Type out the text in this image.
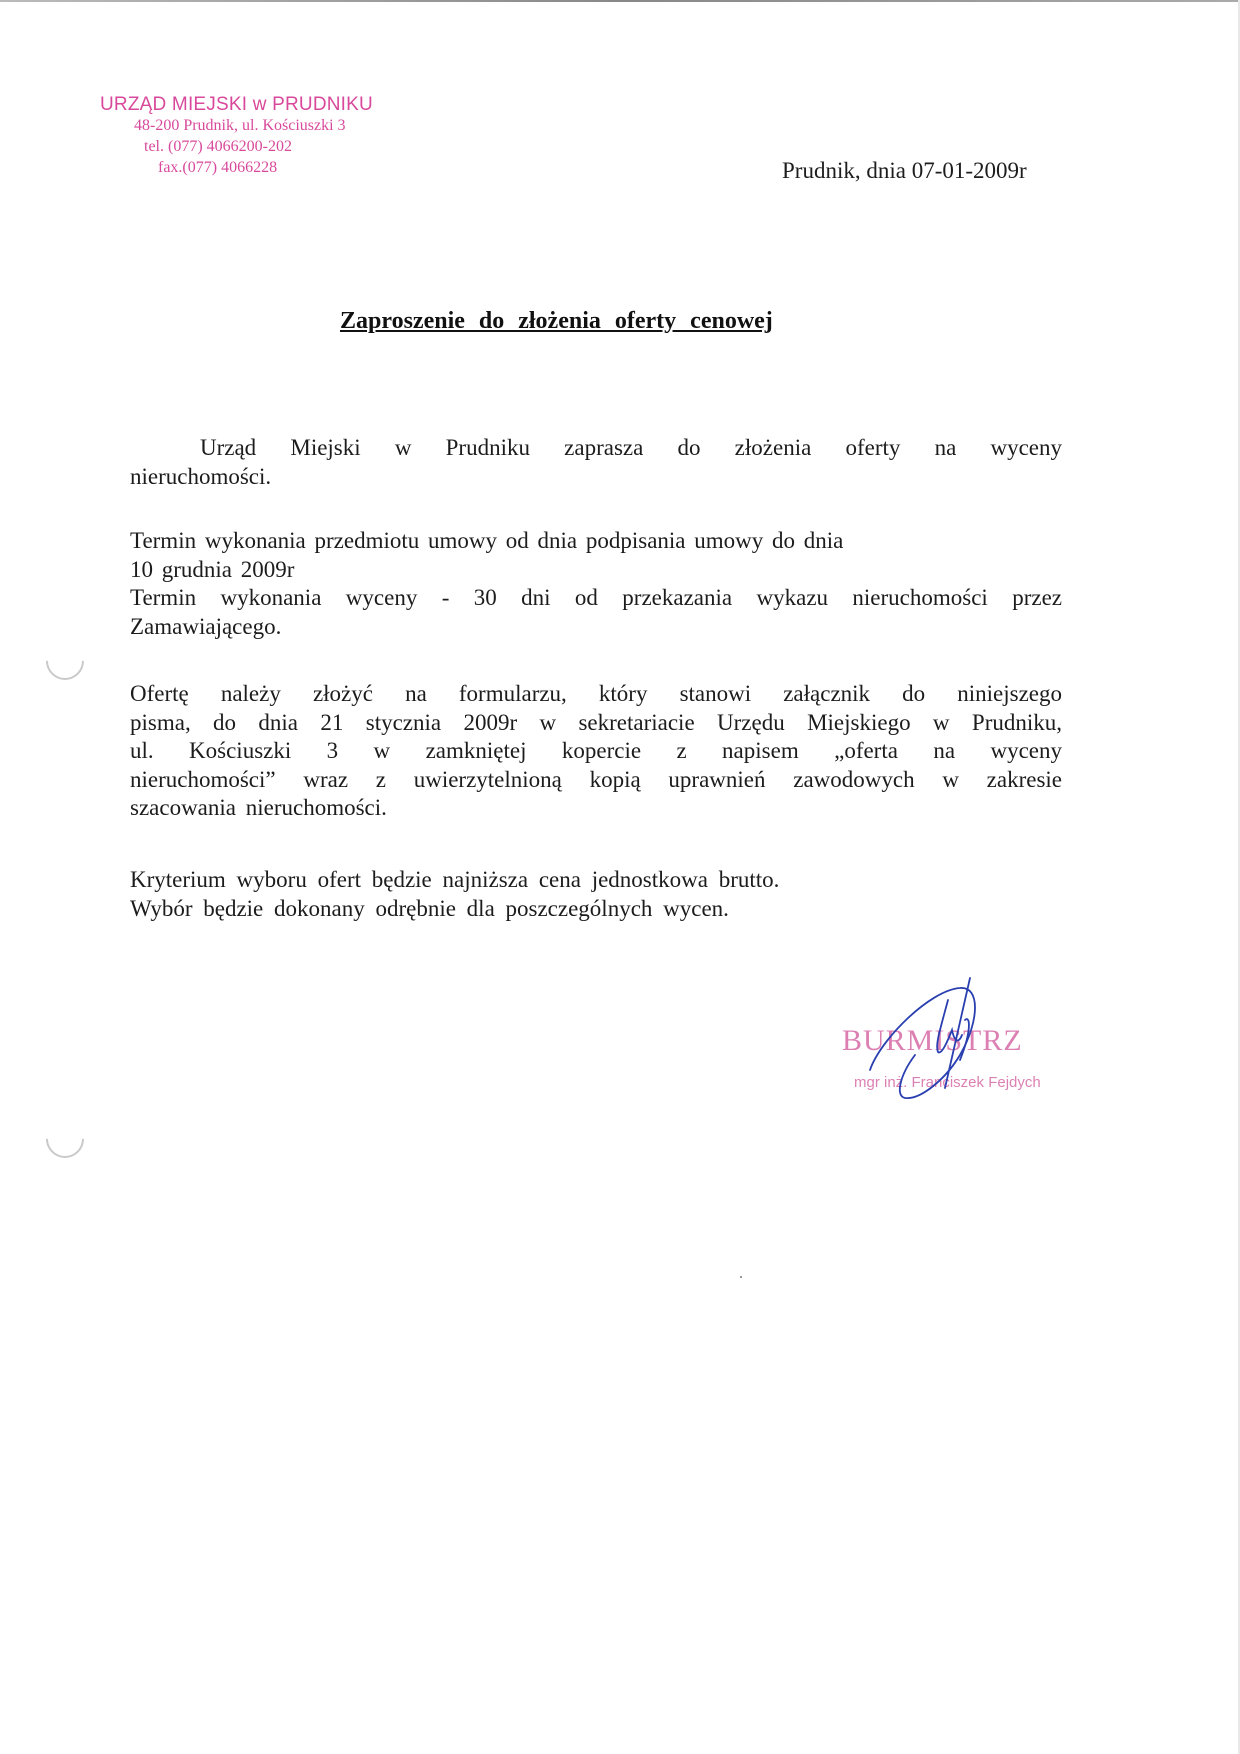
URZĄD MIEJSKI w PRUDNIKU
48-200 Prudnik, ul. Kościuszki 3
tel. (077) 4066200-202
fax.(077) 4066228	Prudnik, dnia 07-01-2009r
Zaproszenie do złożenia oferty cenowej
Urząd Miejski w Prudniku zaprasza do złożenia oferty na wyceny
nieruchomości.
Termin wykonania przedmiotu umowy od dnia podpisania umowy do dnia
10 grudnia 2009r
Termin wykonania wyceny - 30 dni od przekazania wykazu nieruchomości przez
Zamawiającego.
Ofertę należy złożyć na formularzu, który stanowi załącznik do niniejszego
pisma, do dnia 21 stycznia 2009r w sekretariacie Urzędu Miejskiego w Prudniku,
ul. Kościuszki 3 w zamkniętej kopercie z napisem „oferta na wyceny
nieruchomości” wraz z uwierzytelnioną kopią uprawnień zawodowych w zakresie
szacowania nieruchomości.
Kryterium wyboru ofert będzie najniższa cena jednostkowa brutto.
Wybór będzie dokonany odrębnie dla poszczególnych wycen.
BURMISTRZ
mgr inż. Franciszek Fejdych
